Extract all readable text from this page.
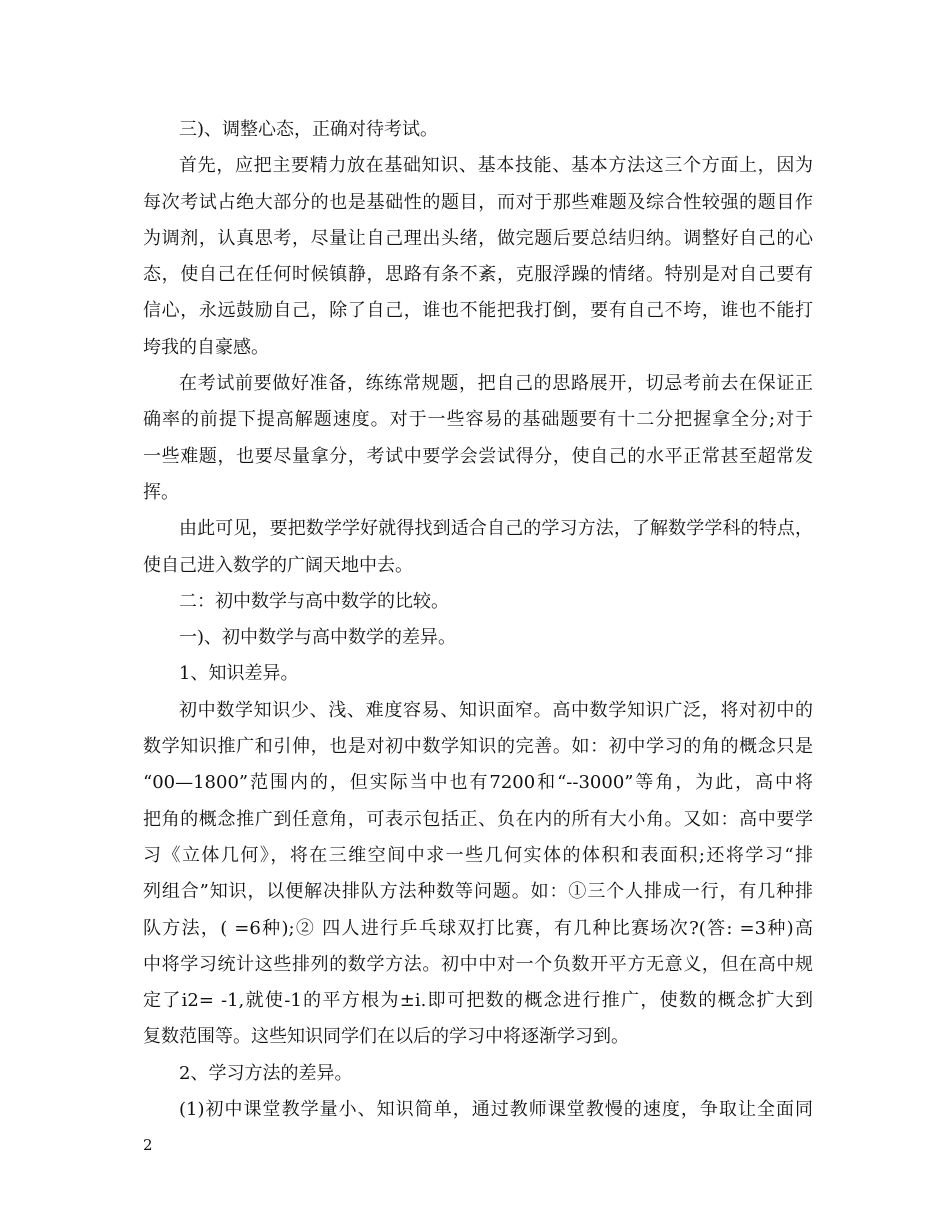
三)、调整心态，正确对待考试。

首先，应把主要精力放在基础知识、基本技能、基本方法这三个方面上，因为

每次考试占绝大部分的也是基础性的题目，而对于那些难题及综合性较强的题目作

为调剂，认真思考，尽量让自己理出头绪，做完题后要总结归纳。调整好自己的心

态，使自己在任何时候镇静，思路有条不紊，克服浮躁的情绪。特别是对自己要有

信心，永远鼓励自己，除了自己，谁也不能把我打倒，要有自己不垮，谁也不能打

垮我的自豪感。

在考试前要做好准备，练练常规题，把自己的思路展开，切忌考前去在保证正

确率的前提下提高解题速度。对于一些容易的基础题要有十二分把握拿全分;对于

一些难题，也要尽量拿分，考试中要学会尝试得分，使自己的水平正常甚至超常发

挥。

由此可见，要把数学学好就得找到适合自己的学习方法，了解数学学科的特点，

使自己进入数学的广阔天地中去。

二：初中数学与高中数学的比较。

一)、初中数学与高中数学的差异。

1、知识差异。

初中数学知识少、浅、难度容易、知识面窄。高中数学知识广泛，将对初中的

数学知识推广和引伸，也是对初中数学知识的完善。如：初中学习的角的概念只是

“00—1800”范围内的，但实际当中也有7200和“--3000”等角，为此，高中将

把角的概念推广到任意角，可表示包括正、负在内的所有大小角。又如：高中要学

习《立体几何》，将在三维空间中求一些几何实体的体积和表面积;还将学习“排

列组合”知识，以便解决排队方法种数等问题。如：①三个人排成一行，有几种排

队方法，( =6种);② 四人进行乒乓球双打比赛，有几种比赛场次?(答: =3种)高

中将学习统计这些排列的数学方法。初中中对一个负数开平方无意义，但在高中规

定了i2= -1,就使-1的平方根为±i.即可把数的概念进行推广，使数的概念扩大到

复数范围等。这些知识同学们在以后的学习中将逐渐学习到。

2、学习方法的差异。

(1)初中课堂教学量小、知识简单，通过教师课堂教慢的速度，争取让全面同

2
